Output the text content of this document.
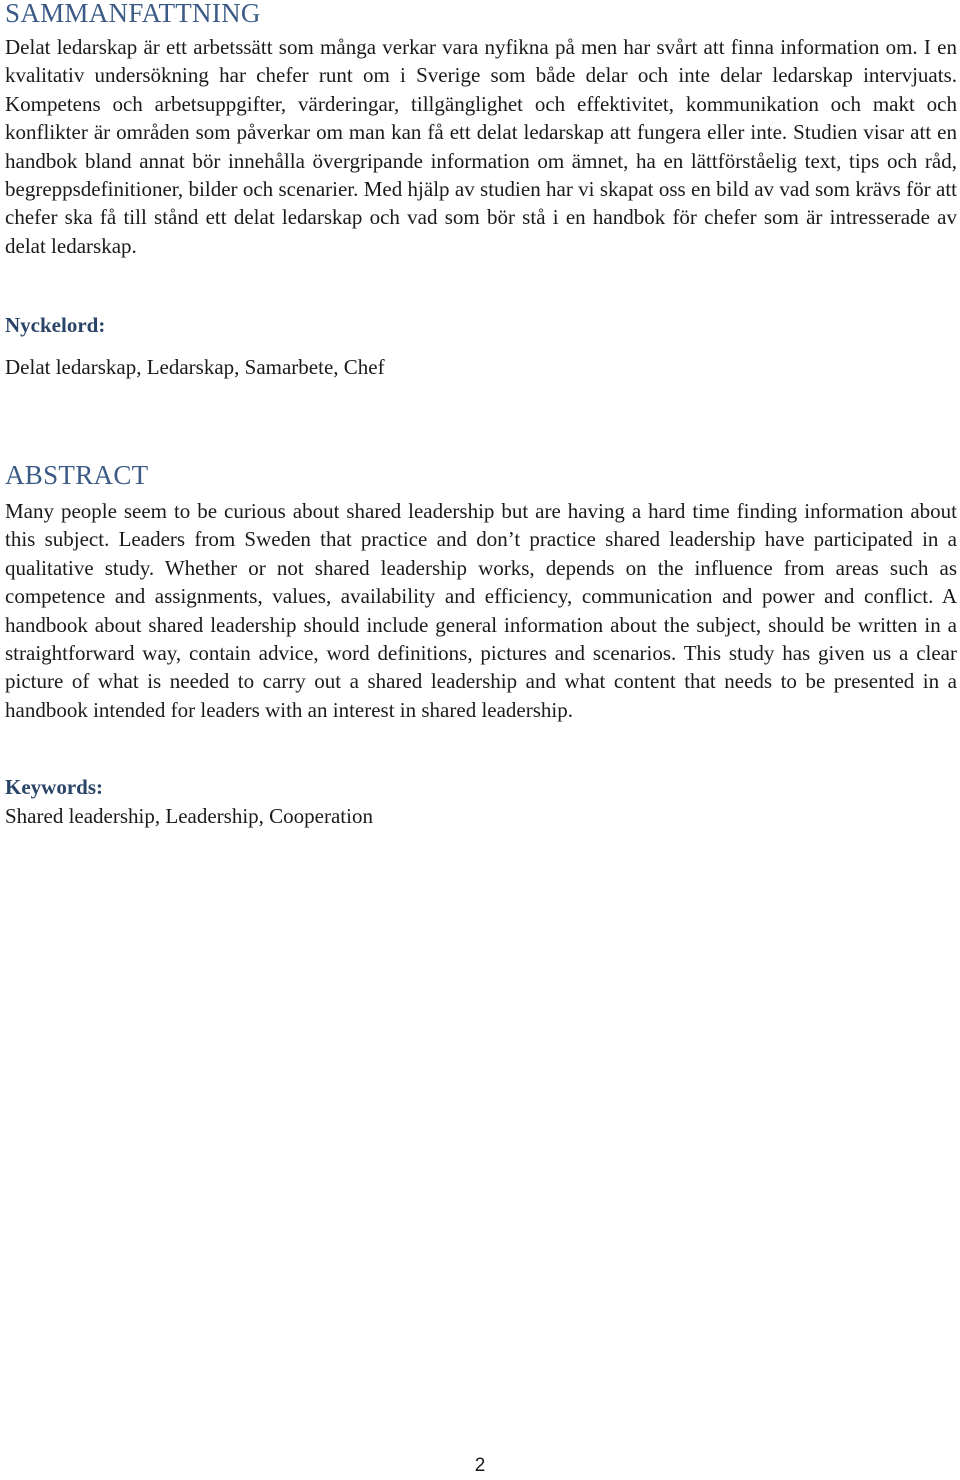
SAMMANFATTNING

Delat ledarskap är ett arbetssätt som många verkar vara nyfikna på men har svårt att finna information om. I en kvalitativ undersökning har chefer runt om i Sverige som både delar och inte delar ledarskap intervjuats. Kompetens och arbetsuppgifter, värderingar, tillgänglighet och effektivitet, kommunikation och makt och konflikter är områden som påverkar om man kan få ett delat ledarskap att fungera eller inte. Studien visar att en handbok bland annat bör innehålla övergripande information om ämnet, ha en lättförståelig text, tips och råd, begreppsdefinitioner, bilder och scenarier. Med hjälp av studien har vi skapat oss en bild av vad som krävs för att chefer ska få till stånd ett delat ledarskap och vad som bör stå i en handbok för chefer som är intresserade av delat ledarskap.

Nyckelord:

Delat ledarskap, Ledarskap, Samarbete, Chef

ABSTRACT

Many people seem to be curious about shared leadership but are having a hard time finding information about this subject. Leaders from Sweden that practice and don’t practice shared leadership have participated in a qualitative study. Whether or not shared leadership works, depends on the influence from areas such as competence and assignments, values, availability and efficiency, communication and power and conflict. A handbook about shared leadership should include general information about the subject, should be written in a straightforward way, contain advice, word definitions, pictures and scenarios. This study has given us a clear picture of what is needed to carry out a shared leadership and what content that needs to be presented in a handbook intended for leaders with an interest in shared leadership.

Keywords:

Shared leadership, Leadership, Cooperation

2
